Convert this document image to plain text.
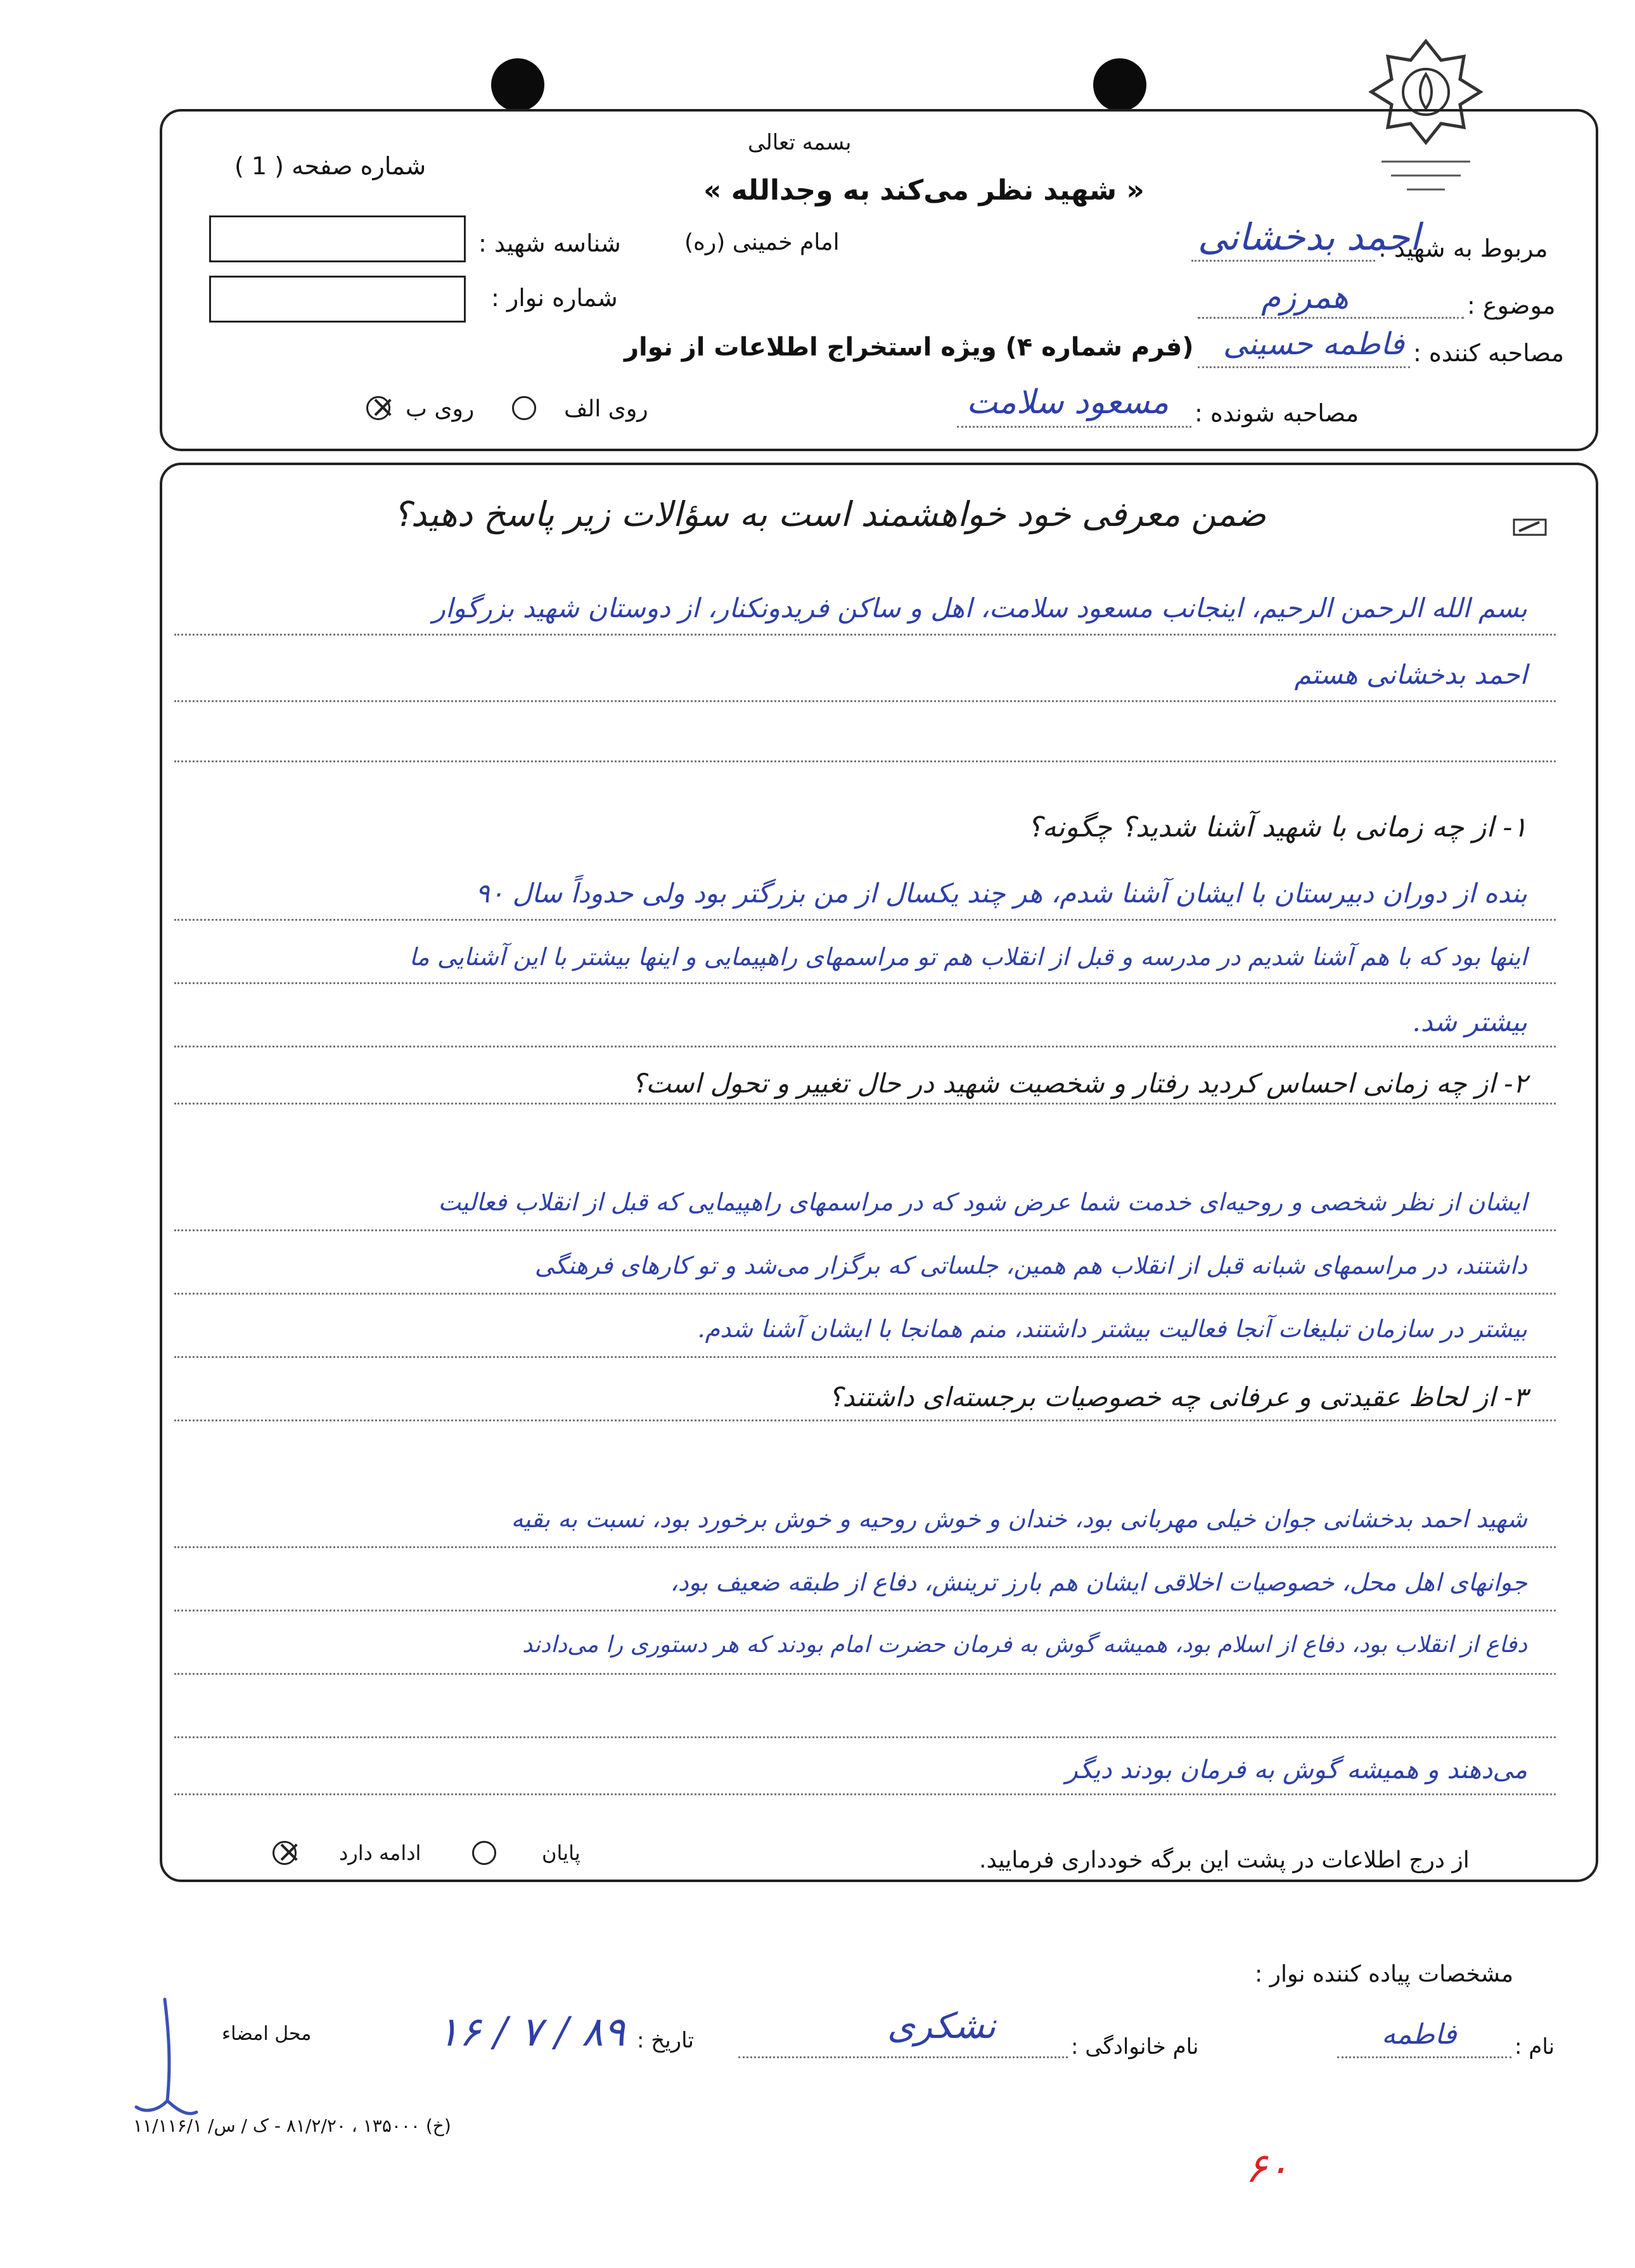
بسمه تعالی
« شهید نظر می‌کند به وجدالله »
امام خمینی (ره)
شماره صفحه ( 1 )
شناسه شهید :
شماره نوار :
(فرم شماره ۴) ویژه استخراج اطلاعات از نوار
مربوط به شهید :
احمد بدخشانی
موضوع :
همرزم
مصاحبه کننده :
فاطمه حسینی
مصاحبه شونده :
مسعود سلامت
روی الف
روی ب
×
ضمن معرفی خود خواهشمند است به سؤالات زیر پاسخ دهید؟
بسم الله الرحمن الرحیم، اینجانب مسعود سلامت، اهل و ساکن فریدونکنار، از دوستان شهید بزرگوار
احمد بدخشانی هستم
۱- از چه زمانی با شهید آشنا شدید؟ چگونه؟
بنده از دوران دبیرستان با ایشان آشنا شدم، هر چند یکسال از من بزرگتر بود ولی حدوداً سال ۹۰
اینها بود که با هم آشنا شدیم در مدرسه و قبل از انقلاب هم تو مراسمهای راهپیمایی و اینها بیشتر با این آشنایی ما
بیشتر شد.
۲- از چه زمانی احساس کردید رفتار و شخصیت شهید در حال تغییر و تحول است؟
ایشان از نظر شخصی و روحیه‌ای خدمت شما عرض شود که در مراسمهای راهپیمایی که قبل از انقلاب فعالیت
داشتند، در مراسمهای شبانه قبل از انقلاب هم همین، جلساتی که برگزار می‌شد و تو کارهای فرهنگی
بیشتر در سازمان تبلیغات آنجا فعالیت بیشتر داشتند، منم همانجا با ایشان آشنا شدم.
۳- از لحاظ عقیدتی و عرفانی چه خصوصیات برجسته‌ای داشتند؟
شهید احمد بدخشانی جوان خیلی مهربانی بود، خندان و خوش روحیه و خوش برخورد بود، نسبت به بقیه
جوانهای اهل محل، خصوصیات اخلاقی ایشان هم بارز ترینش، دفاع از طبقه ضعیف بود،
دفاع از انقلاب بود، دفاع از اسلام بود، همیشه گوش به فرمان حضرت امام بودند که هر دستوری را می‌دادند
می‌دهند و همیشه گوش به فرمان بودند دیگر
ادامه دارد
×	پایان	از درج اطلاعات در پشت این برگه خودداری فرمایید.
مشخصات پیاده کننده نوار :
نام :
فاطمه
نام خانوادگی :
نشکری
تاریخ :
۸۹ / ۷ / ۱۶
محل امضاء
(خ) ۱۳۵۰۰۰ ، ۸۱/۲/۲۰ - ک / س/ ۱۱/۱۱۶/۱
۶۰
